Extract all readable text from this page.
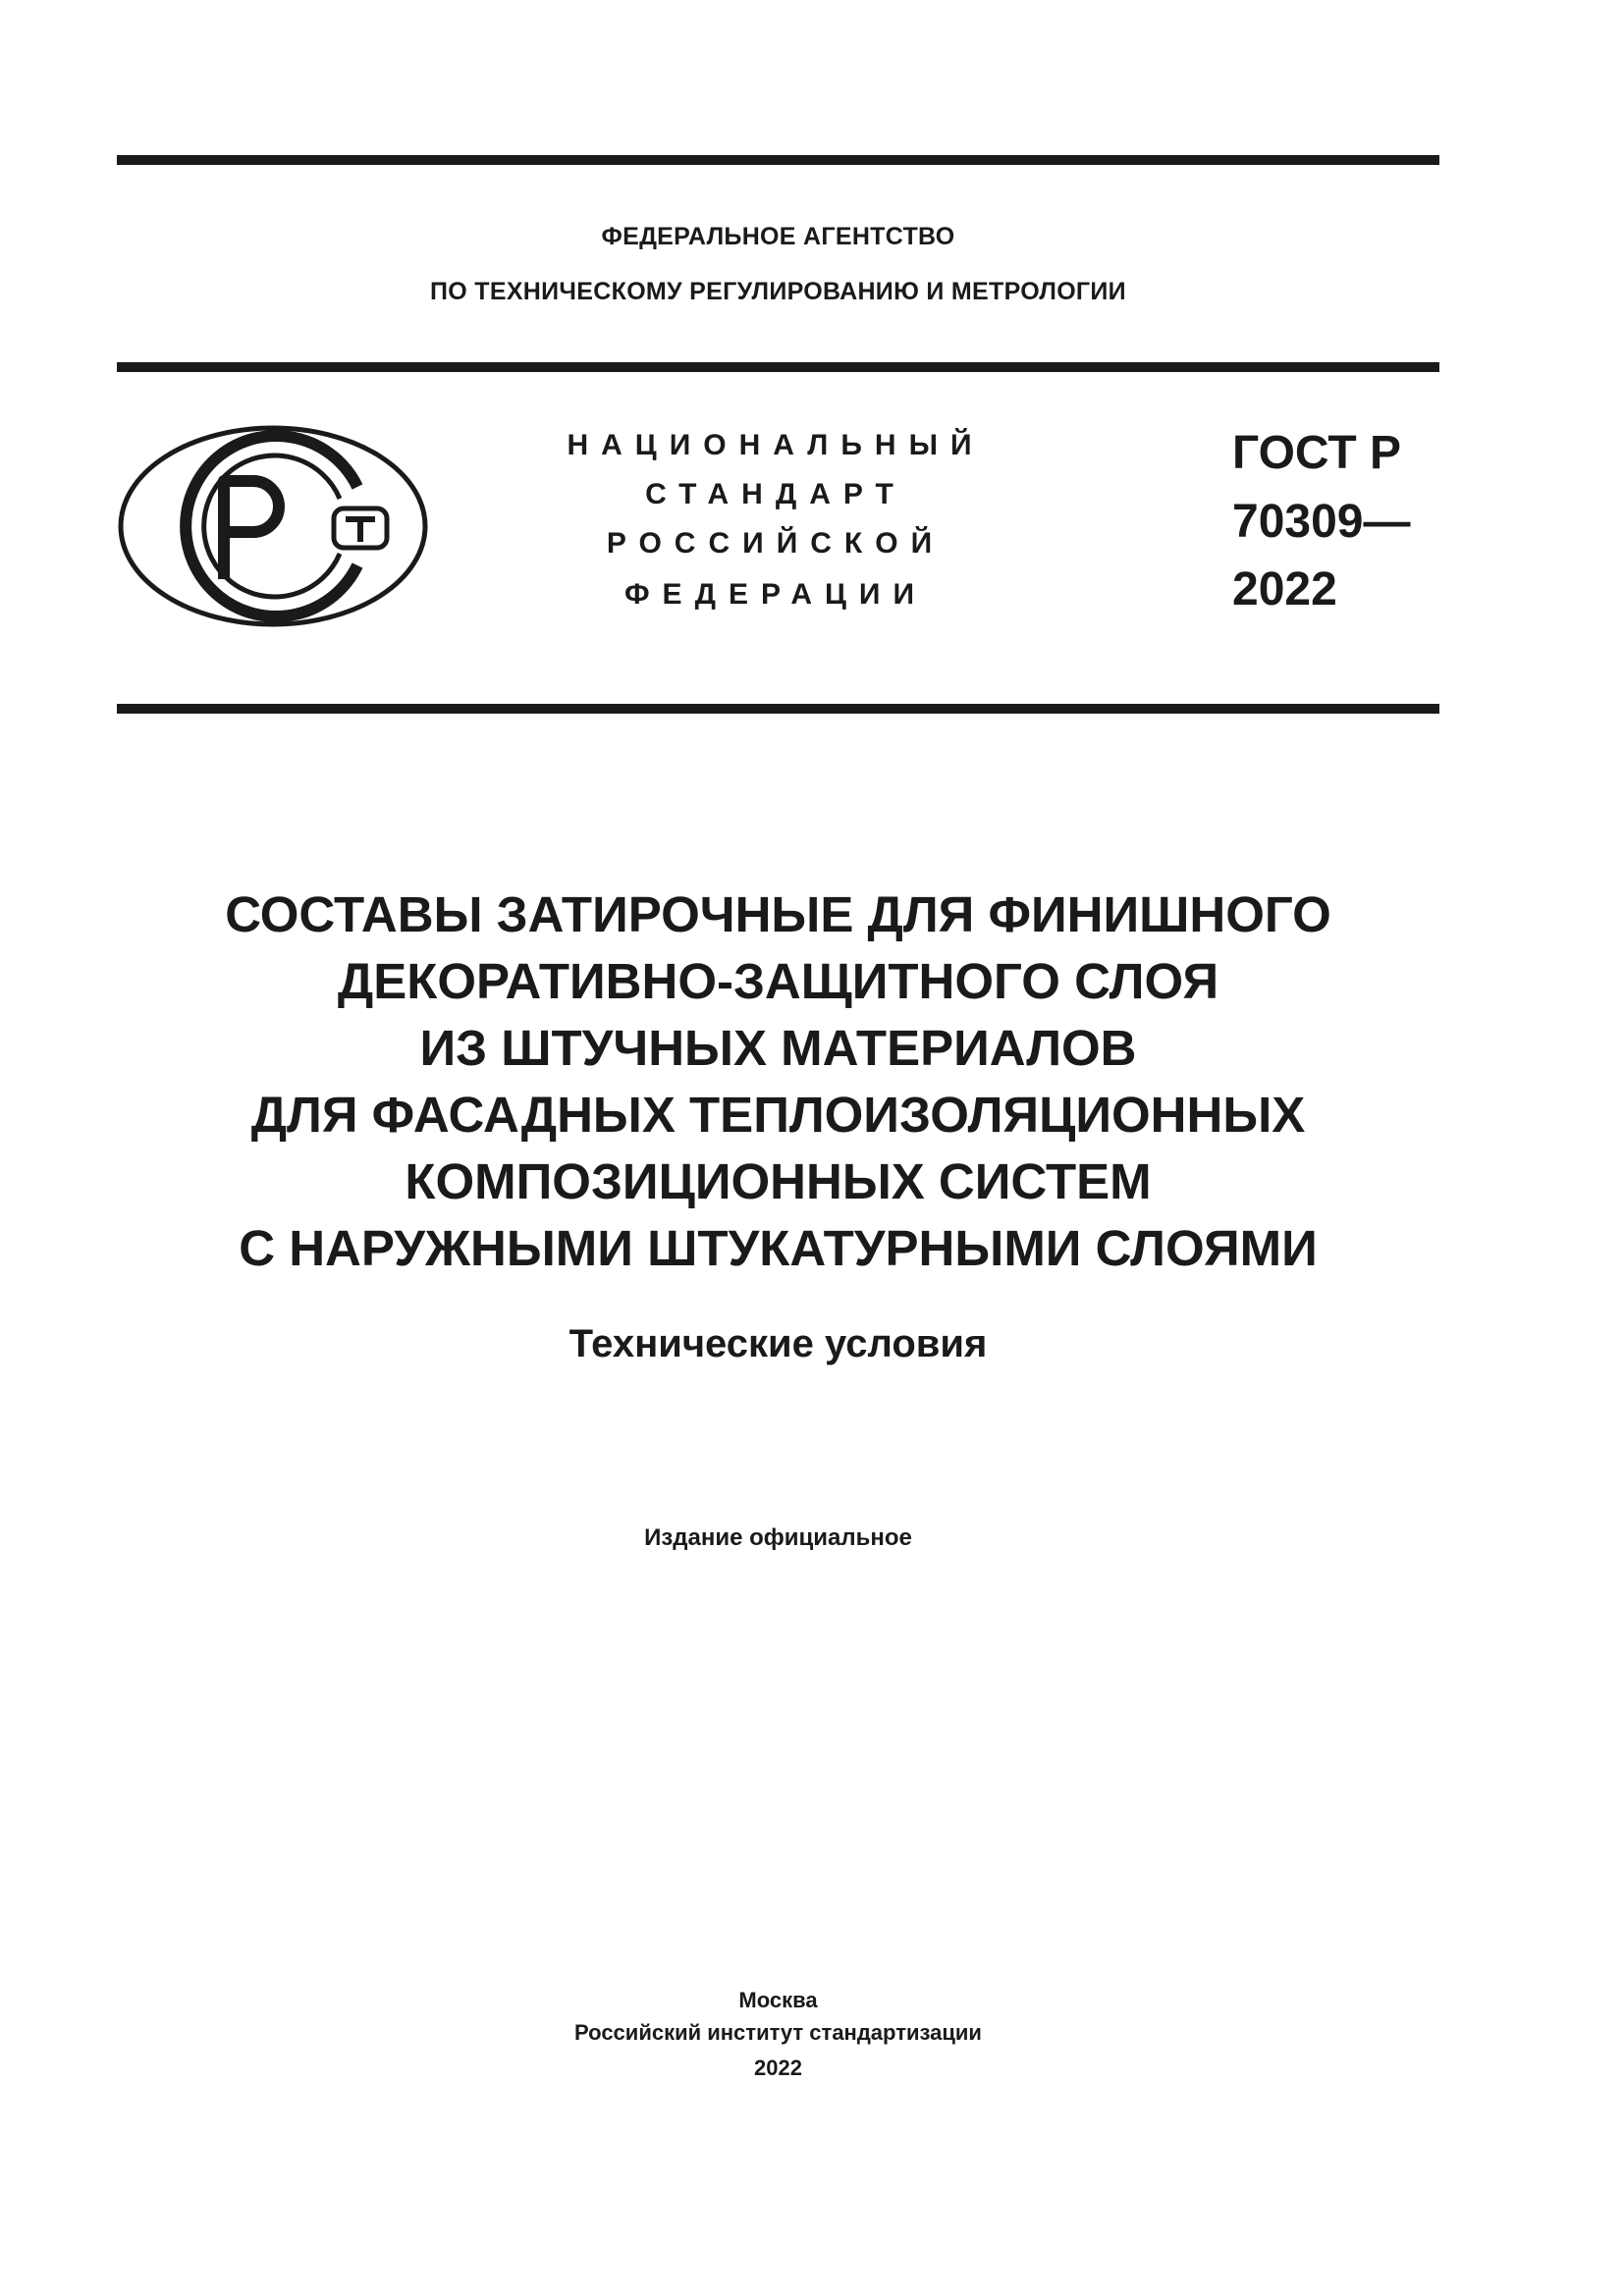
ФЕДЕРАЛЬНОЕ АГЕНТСТВО
ПО ТЕХНИЧЕСКОМУ РЕГУЛИРОВАНИЮ И МЕТРОЛОГИИ
НАЦИОНАЛЬНЫЙ
СТАНДАРТ
РОССИЙСКОЙ
ФЕДЕРАЦИИ
ГОСТ Р
70309—
2022
СОСТАВЫ ЗАТИРОЧНЫЕ ДЛЯ ФИНИШНОГО
ДЕКОРАТИВНО-ЗАЩИТНОГО СЛОЯ
ИЗ ШТУЧНЫХ МАТЕРИАЛОВ
ДЛЯ ФАСАДНЫХ ТЕПЛОИЗОЛЯЦИОННЫХ
КОМПОЗИЦИОННЫХ СИСТЕМ
С НАРУЖНЫМИ ШТУКАТУРНЫМИ СЛОЯМИ
Технические условия
Издание официальное
Москва
Российский институт стандартизации
2022
